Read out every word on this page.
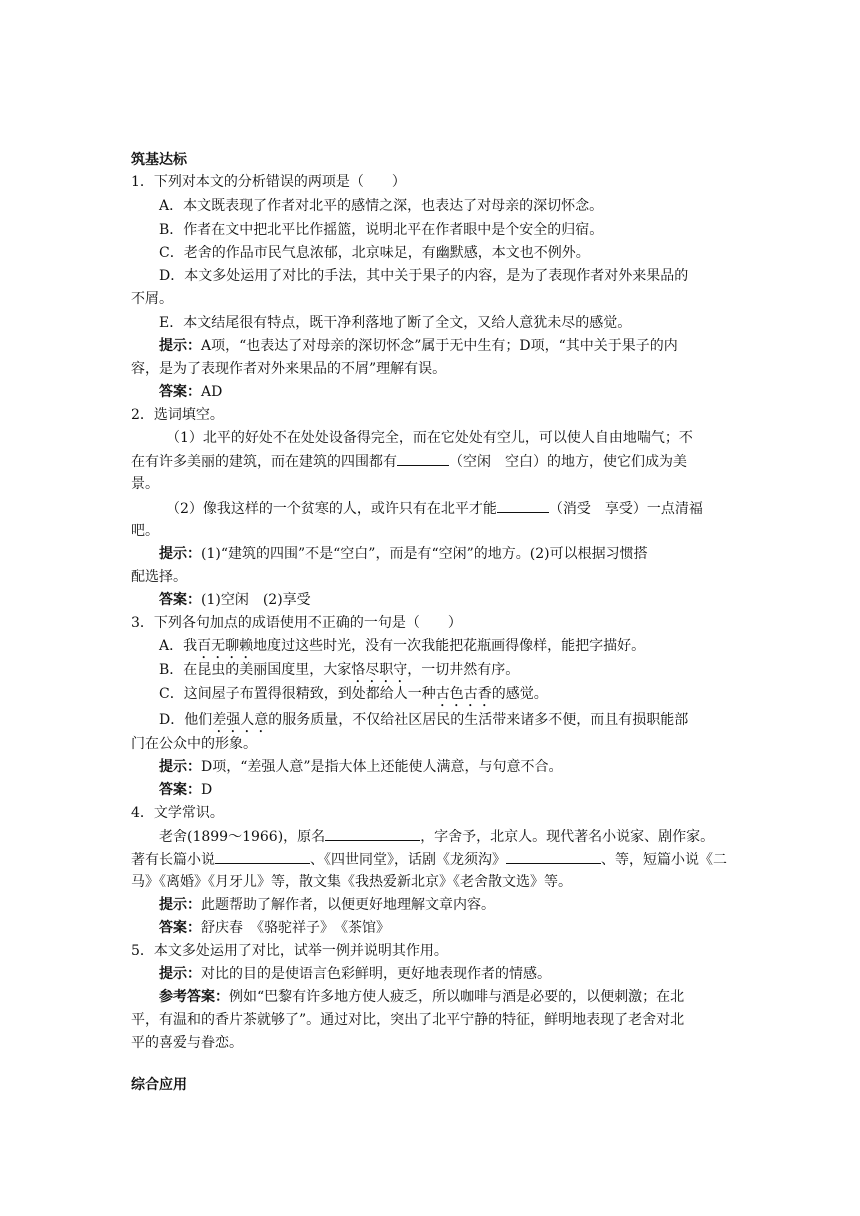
筑基达标
1．下列对本文的分析错误的两项是（　　）
A．本文既表现了作者对北平的感情之深，也表达了对母亲的深切怀念。
B．作者在文中把北平比作摇篮，说明北平在作者眼中是个安全的归宿。
C．老舍的作品市民气息浓郁，北京味足，有幽默感，本文也不例外。
D．本文多处运用了对比的手法，其中关于果子的内容，是为了表现作者对外来果品的
不屑。
E．本文结尾很有特点，既干净利落地了断了全文，又给人意犹未尽的感觉。
提示：A项，“也表达了对母亲的深切怀念”属于无中生有；D项，“其中关于果子的内
容，是为了表现作者对外来果品的不屑”理解有误。
答案：AD
2．选词填空。
（1）北平的好处不在处处设备得完全，而在它处处有空儿，可以使人自由地喘气；不
在有许多美丽的建筑，而在建筑的四围都有	（空闲　空白）的地方，使它们成为美
景。
（2）像我这样的一个贫寒的人，或许只有在北平才能	（消受　享受）一点清福
吧。
提示：(1)“建筑的四围”不是“空白”，而是有“空闲”的地方。(2)可以根据习惯搭
配选择。
答案：(1)空闲　(2)享受
3．下列各句加点的成语使用不正确的一句是（　　）
A．我百无聊赖地度过这些时光，没有一次我能把花瓶画得像样，能把字描好。
B．在昆虫的美丽国度里，大家恪尽职守，一切井然有序。
C．这间屋子布置得很精致，到处都给人一种古色古香的感觉。
D．他们差强人意的服务质量，不仅给社区居民的生活带来诸多不便，而且有损职能部
门在公众中的形象。
提示：D项，“差强人意”是指大体上还能使人满意，与句意不合。
答案：D
4．文学常识。
老舍(1899～1966)，原名	，字舍予，北京人。现代著名小说家、剧作家。
著有长篇小说	、《四世同堂》，话剧《龙须沟》	、等，短篇小说《二
马》《离婚》《月牙儿》等，散文集《我热爱新北京》《老舍散文选》等。
提示：此题帮助了解作者，以便更好地理解文章内容。
答案：舒庆春　《骆驼祥子》　《茶馆》
5．本文多处运用了对比，试举一例并说明其作用。
提示：对比的目的是使语言色彩鲜明，更好地表现作者的情感。
参考答案：例如“巴黎有许多地方使人疲乏，所以咖啡与酒是必要的，以便刺激；在北
平，有温和的香片茶就够了”。通过对比，突出了北平宁静的特征，鲜明地表现了老舍对北
平的喜爱与眷恋。
综合应用
